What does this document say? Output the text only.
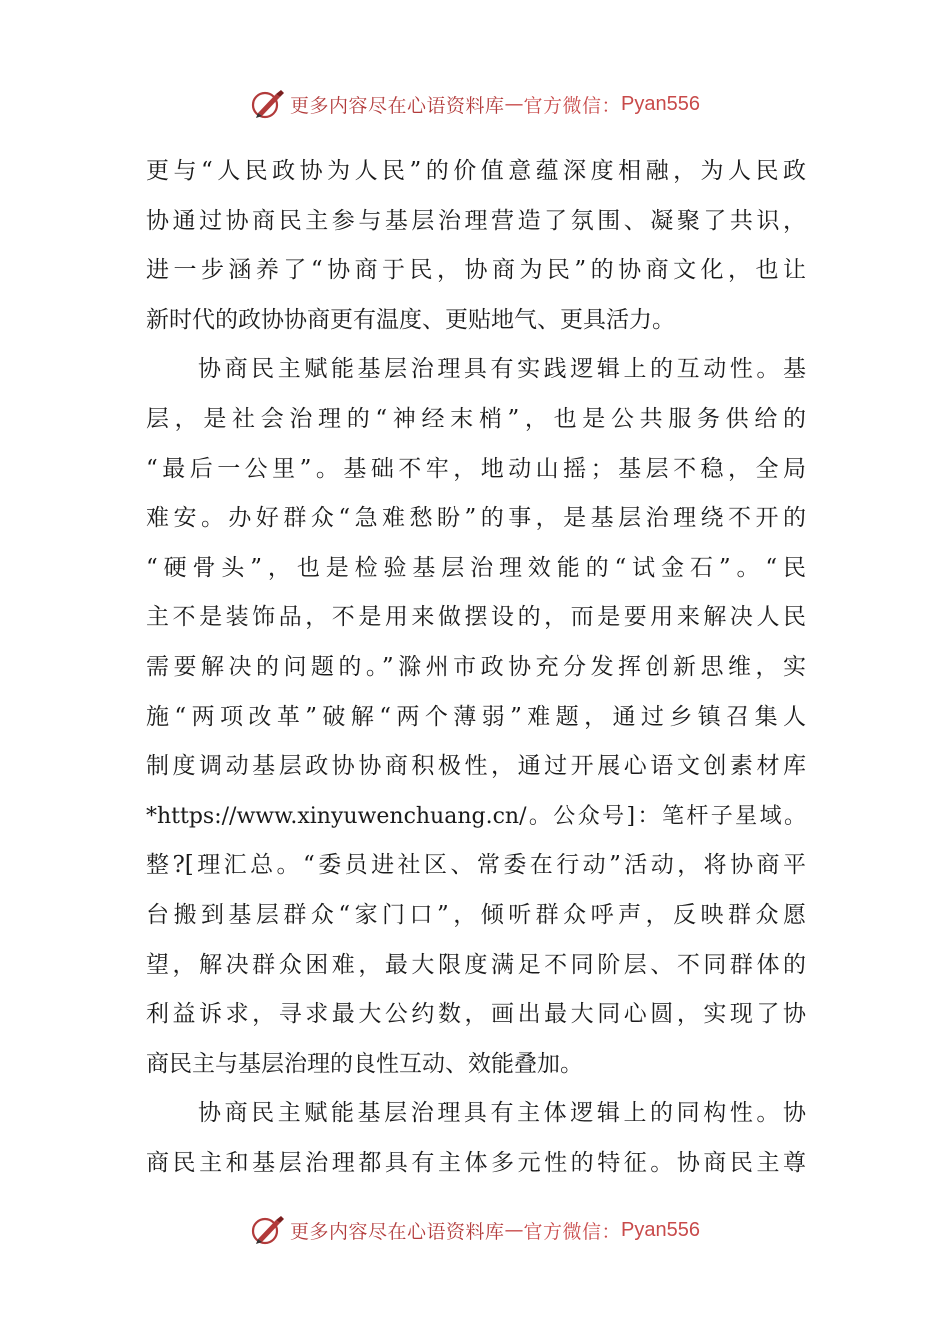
更多内容尽在心语资料库 — 官方微信： Pyan556
更与“人民政协为人民”的价值意蕴深度相融，为人民政
协通过协商民主参与基层治理营造了氛围、凝聚了共识，
进一步涵养了“协商于民，协商为民”的协商文化，也让
新时代的政协协商更有温度、更贴地气、更具活力。
协商民主赋能基层治理具有实践逻辑上的互动性。基
层，是社会治理的“神经末梢”，也是公共服务供给的
“最后一公里”。基础不牢，地动山摇；基层不稳，全局
难安。办好群众“急难愁盼”的事，是基层治理绕不开的
“硬骨头”，也是检验基层治理效能的“试金石”。“民
主不是装饰品，不是用来做摆设的，而是要用来解决人民
需要解决的问题的。”滁州市政协充分发挥创新思维，实
施“两项改革”破解“两个薄弱”难题，通过乡镇召集人
制度调动基层政协协商积极性，通过开展心语文创素材库
*https://www.xinyuwenchuang.cn/。公众号]：笔杆子星域。
整?[理汇总。“委员进社区、常委在行动”活动，将协商平
台搬到基层群众“家门口”，倾听群众呼声，反映群众愿
望，解决群众困难，最大限度满足不同阶层、不同群体的
利益诉求，寻求最大公约数，画出最大同心圆，实现了协
商民主与基层治理的良性互动、效能叠加。
协商民主赋能基层治理具有主体逻辑上的同构性。协
商民主和基层治理都具有主体多元性的特征。协商民主尊
更多内容尽在心语资料库 — 官方微信： Pyan556
